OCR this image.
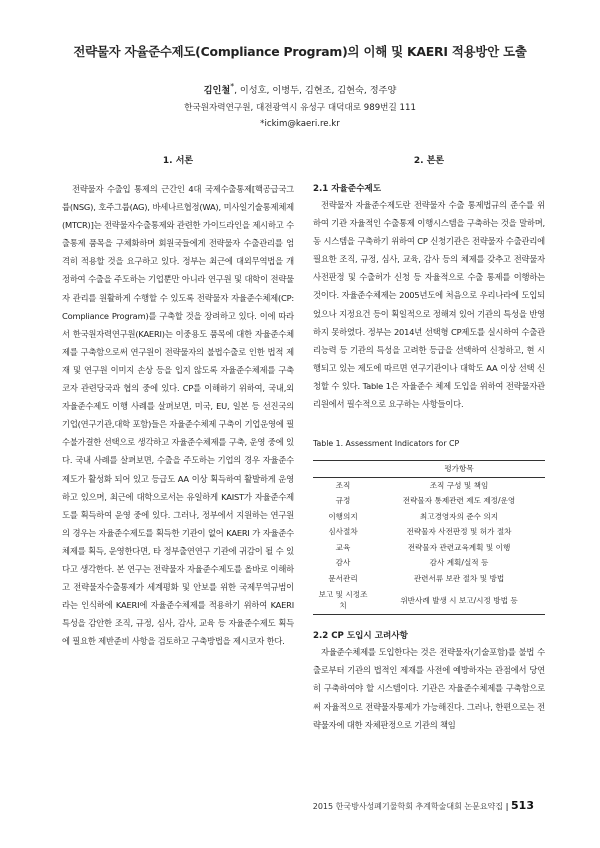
전략물자 자율준수제도(Compliance Program)의 이해 및 KAERI 적용방안 도출
김인철*, 이성호, 이병두, 김현조, 김현숙, 정주양
한국원자력연구원, 대전광역시 유성구 대덕대로 989번길 111
*ickim@kaeri.re.kr
1. 서론

전략물자 수출입 통제의 근간인 4대 국제수출통제[핵공급국그룹(NSG), 호주그룹(AG), 바세나르협정(WA), 미사일기술통제체제(MTCR)]는 전략물자수출통제와 관련한 가이드라인을 제시하고 수출통제 품목을 구체화하며 회원국들에게 전략물자 수출관리를 엄격히 적용할 것을 요구하고 있다. 정부는 최근에 대외무역법을 개정하여 수출을 주도하는 기업뿐만 아니라 연구원 및 대학이 전략물자 관리를 원활하게 수행할 수 있도록 전략물자 자율준수체제(CP: Compliance Program)를 구축할 것을 장려하고 있다. 이에 따라서 한국원자력연구원(KAERI)는 이중용도 품목에 대한 자율준수체제를 구축함으로써 연구원이 전략물자의 불법수출로 인한 법적 제재 및 연구원 이미지 손상 등을 입지 않도록 자율준수체제를 구축코자 관련당국과 협의 중에 있다. CP를 이해하기 위하여, 국내,외 자율준수제도 이행 사례를 살펴보면, 미국, EU, 일본 등 선진국의 기업(연구기관,대학 포함)들은 자율준수체제 구축이 기업운영에 필수불가결한 선택으로 생각하고 자율준수체제를 구축, 운영 중에 있다. 국내 사례를 살펴보면, 수출을 주도하는 기업의 경우 자율준수제도가 활성화 되어 있고 등급도 AA 이상 획득하여 활발하게 운영하고 있으며, 최근에 대학으로서는 유일하게 KAIST가 자율준수제도를 획득하여 운영 중에 있다. 그러나, 정부에서 지원하는 연구원의 경우는 자율준수제도를 획득한 기관이 없어 KAERI 가 자율준수체제를 획득, 운영한다면, 타 정부출연연구 기관에 귀감이 될 수 있다고 생각한다. 본 연구는 전략물자 자율준수제도를 올바로 이해하고 전략물자수출통제가 세계평화 및 안보를 위한 국제무역규범이라는 인식하에 KAERI에 자율준수체제를 적용하기 위하여 KAERI 특성을 감안한 조직, 규정, 심사, 감사, 교육 등 자율준수제도 획득에 필요한 제반준비 사항을 검토하고 구축방법을 제시코자 한다.

2. 본론
2.1 자율준수제도

전략물자 자율준수제도란 전략물자 수출 통제법규의 준수를 위하여 기관 자율적인 수출통제 이행시스템을 구축하는 것을 말하며, 동 시스템을 구축하기 위하여 CP 신청기관은 전략물자 수출관리에 필요한 조직, 규정, 심사, 교육, 감사 등의 체제를 갖추고 전략물자 사전판정 및 수출허가 신청 등 자율적으로 수출 통제를 이행하는 것이다. 자율준수체제는 2005년도에 처음으로 우리나라에 도입되었으나 지정요건 등이 획일적으로 정해져 있어 기관의 특성을 반영하지 못하였다. 정부는 2014년 선택형 CP제도를 실시하여 수출관리능력 등 기관의 특성을 고려한 등급을 선택하여 신청하고, 현 시행되고 있는 제도에 따르면 연구기관이나 대학도 AA 이상 선택 신청할 수 있다. Table 1은 자율준수 체제 도입을 위하여 전략물자관리원에서 필수적으로 요구하는 사항들이다.

Table 1. Assessment Indicators for CP
	평가항목
조직	조직 구성 및 책임
규정	전략물자 통제관련 제도 제정/운영
이행의지	최고경영자의 준수 의지
심사절차	전략물자 사전판정 및 허가 절차
교육	전략물자 관련교육계획 및 이행
감사	감사 계획/실적 등
문서관리	관련서류 보관 절차 및 방법
보고 및 시정조치	위반사례 발생 시 보고/시정 방법 등
2.2 CP 도입시 고려사항

자율준수체제를 도입한다는 것은 전략물자(기술포함)를 불법 수출로부터 기관의 법적인 제재를 사전에 예방하자는 관점에서 당연히 구축하여야 할 시스템이다. 기관은 자율준수체제를 구축함으로써 자율적으로 전략물자통제가 가능해진다. 그러나, 한편으로는 전략물자에 대한 자체판정으로 기관의 책임

2015 한국방사성폐기물학회 추계학술대회 논문요약집 | 513
